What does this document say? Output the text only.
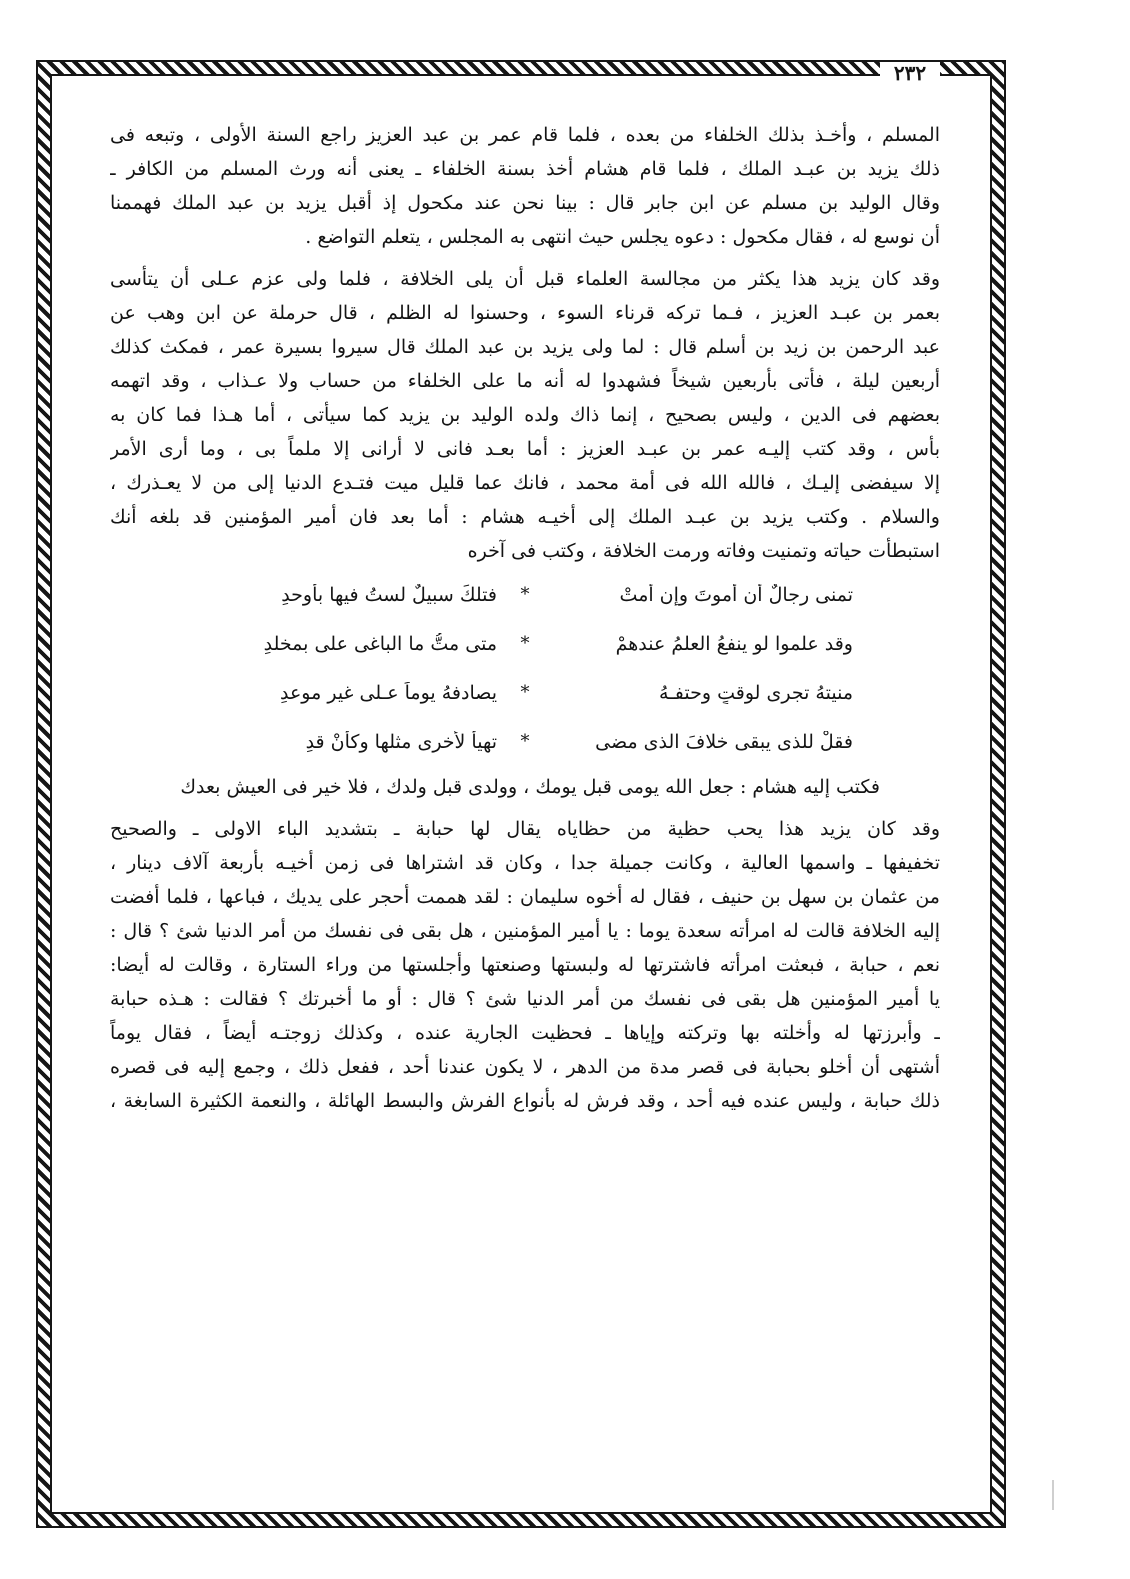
٢٣٢
المسلم ، وأخـذ بذلك الخلفاء من بعده ، فلما قام عمر بن عبد العزيز راجع السنة الأولى ، وتبعه فى
ذلك يزيد بن عبـد الملك ، فلما قام هشام أخذ بسنة الخلفاء ـ يعنى أنه ورث المسلم من الكافر ـ
وقال الوليد بن مسلم عن ابن جابر قال : بينا نحن عند مكحول إذ أقبل يزيد بن عبد الملك فهممنا
أن نوسع له ، فقال مكحول : دعوه يجلس حيث انتهى به المجلس ، يتعلم التواضع .
وقد كان يزيد هذا يكثر من مجالسة العلماء قبل أن يلى الخلافة ، فلما ولى عزم عـلى أن يتأسى
بعمر بن عبـد العزيز ، فـما تركه قرناء السوء ، وحسنوا له الظلم ، قال حرملة عن ابن وهب عن
عبد الرحمن بن زيد بن أسلم قال : لما ولى يزيد بن عبد الملك قال سيروا بسيرة عمر ، فمكث كذلك
أربعين ليلة ، فأتى بأربعين شيخاً فشهدوا له أنه ما على الخلفاء من حساب ولا عـذاب ، وقد اتهمه
بعضهم فى الدين ، وليس بصحيح ، إنما ذاك ولده الوليد بن يزيد كما سيأتى ، أما هـذا فما كان به
بأس ، وقد كتب إليـه عمر بن عبـد العزيز : أما بعـد فانى لا أرانى إلا ملماً بى ، وما أرى الأمر
إلا سيفضى إليـك ، فالله الله فى أمة محمد ، فانك عما قليل ميت فتـدع الدنيا إلى من لا يعـذرك ،
والسلام . وكتب يزيد بن عبـد الملك إلى أخيـه هشام : أما بعد فان أمير المؤمنين قد بلغه أنك
استبطأت حياته وتمنيت وفاته ورمت الخلافة ، وكتب فى آخره
تمنى رجالٌ أن أموتَ وإن أمتْ
*
فتلكَ سبيلٌ لستُ فيها بأوحدِ
وقد علموا لو ينفعُ العلمُ عندهمْ
*
متى متُّ ما الباغى على بمخلدِ
منيتهُ تجرى لوقتٍ وحتفـهُ
*
يصادفهُ يوماً عـلى غيرِ موعدِ
فقلْ للذى يبقى خلافَ الذى مضى
*
تهيأْ لأخرى مثلها وكأنْ قدِ
فكتب إليه هشام : جعل الله يومى قبل يومك ، وولدى قبل ولدك ، فلا خير فى العيش بعدك
وقد كان يزيد هذا يحب حظية من حظاياه يقال لها حبابة ـ بتشديد الباء الاولى ـ والصحيح
تخفيفها ـ واسمها العالية ، وكانت جميلة جدا ، وكان قد اشتراها فى زمن أخيـه بأربعة آلاف دينار ،
من عثمان بن سهل بن حنيف ، فقال له أخوه سليمان : لقد هممت أحجر على يديك ، فباعها ، فلما أفضت
إليه الخلافة قالت له امرأته سعدة يوما : يا أمير المؤمنين ، هل بقى فى نفسك من أمر الدنيا شئ ؟ قال :
نعم ، حبابة ، فبعثت امرأته فاشترتها له ولبستها وصنعتها وأجلستها من وراء الستارة ، وقالت له أيضا:
يا أمير المؤمنين هل بقى فى نفسك من أمر الدنيا شئ ؟ قال : أو ما أخبرتك ؟ فقالت : هـذه حبابة
ـ وأبرزتها له وأخلته بها وتركته وإياها ـ فحظيت الجارية عنده ، وكذلك زوجتـه أيضاً ، فقال يوماً
أشتهى أن أخلو بحبابة فى قصر مدة من الدهر ، لا يكون عندنا أحد ، ففعل ذلك ، وجمع إليه فى قصره
ذلك حبابة ، وليس عنده فيه أحد ، وقد فرش له بأنواع الفرش والبسط الهائلة ، والنعمة الكثيرة السابغة ،
